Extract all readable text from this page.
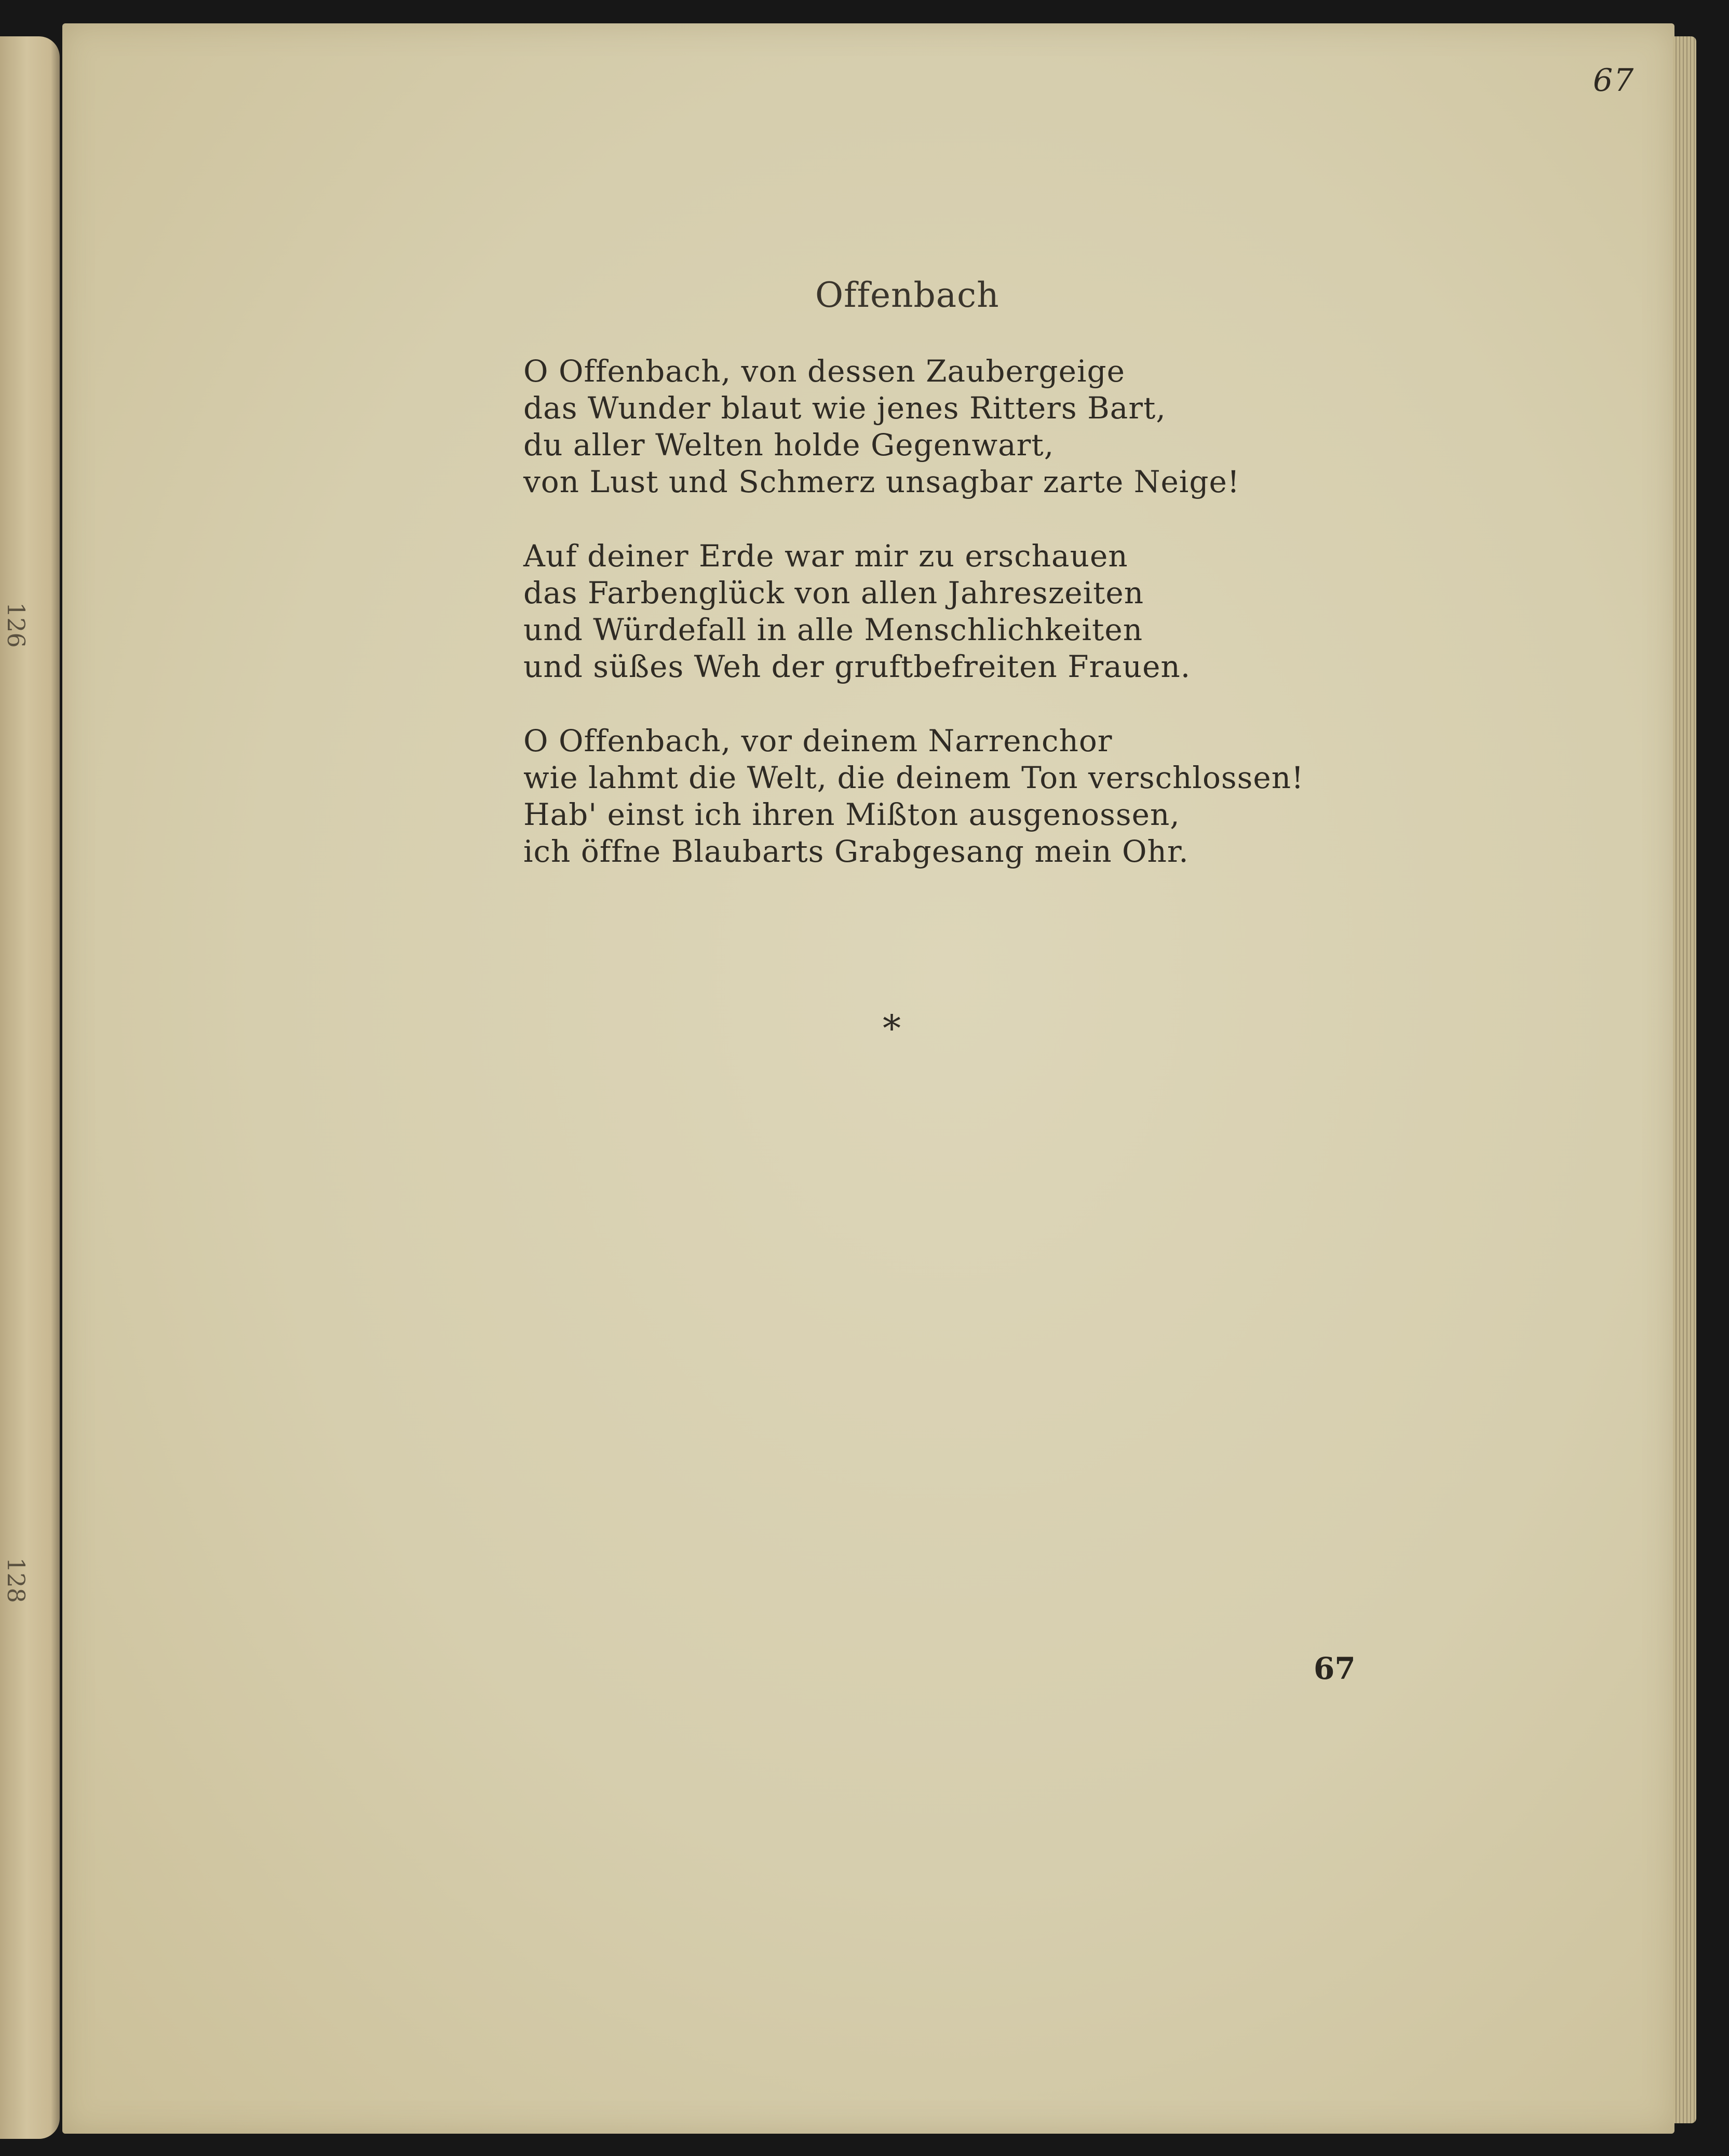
126
128
67
Offenbach
O Offenbach, von dessen Zaubergeige
das Wunder blaut wie jenes Ritters Bart,
du aller Welten holde Gegenwart,
von Lust und Schmerz unsagbar zarte Neige!
Auf deiner Erde war mir zu erschauen
das Farbenglück von allen Jahreszeiten
und Würdefall in alle Menschlichkeiten
und süßes Weh der gruftbefreiten Frauen.
O Offenbach, vor deinem Narrenchor
wie lahmt die Welt, die deinem Ton verschlossen!
Hab' einst ich ihren Mißton ausgenossen,
ich öffne Blaubarts Grabgesang mein Ohr.
*
67
